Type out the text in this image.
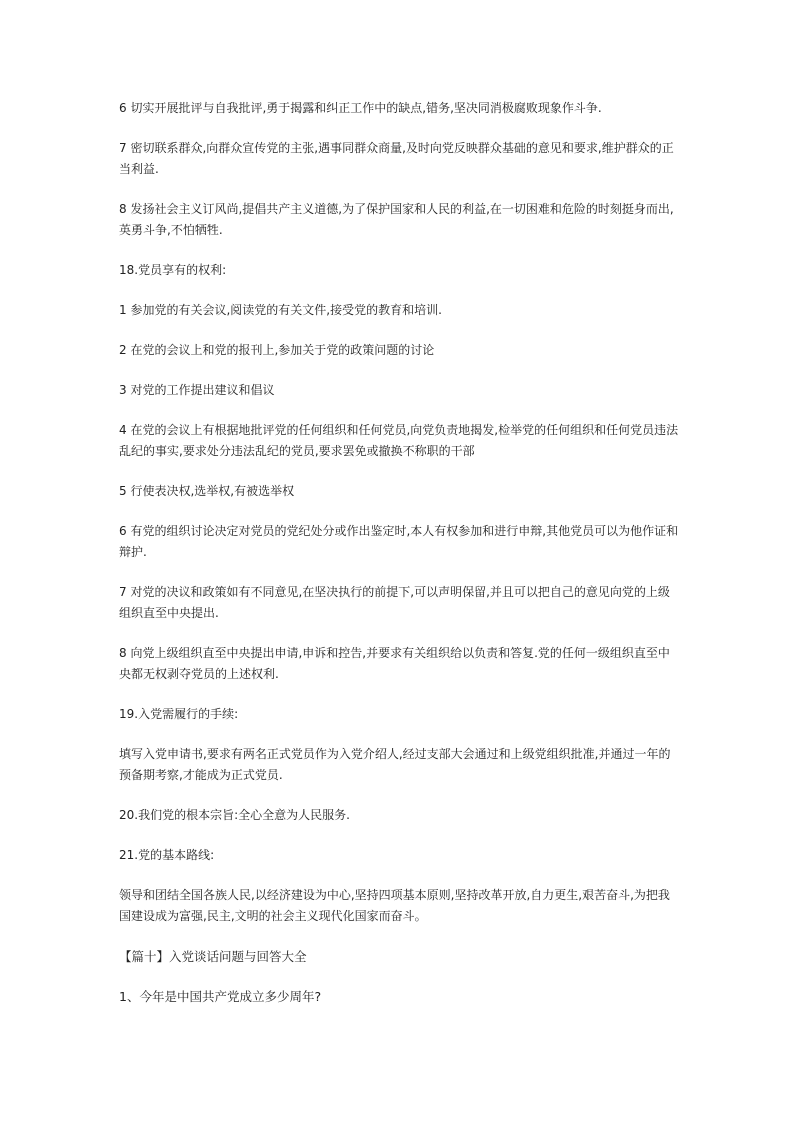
6 切实开展批评与自我批评,勇于揭露和纠正工作中的缺点,错务,坚决同消极腐败现象作斗争.

7 密切联系群众,向群众宣传党的主张,遇事同群众商量,及时向党反映群众基础的意见和要求,维护群众的正当利益.

8 发扬社会主义订风尚,提倡共产主义道德,为了保护国家和人民的利益,在一切困难和危险的时刻挺身而出,英勇斗争,不怕牺牲.

18.党员享有的权利:

1 参加党的有关会议,阅读党的有关文件,接受党的教育和培训.

2 在党的会议上和党的报刊上,参加关于党的政策问题的讨论

3 对党的工作提出建议和倡议

4 在党的会议上有根据地批评党的任何组织和任何党员,向党负责地揭发,检举党的任何组织和任何党员违法乱纪的事实,要求处分违法乱纪的党员,要求罢免或撤换不称职的干部

5 行使表决权,选举权,有被选举权

6 有党的组织讨论决定对党员的党纪处分或作出鉴定时,本人有权参加和进行申辩,其他党员可以为他作证和辩护.

7 对党的决议和政策如有不同意见,在坚决执行的前提下,可以声明保留,并且可以把自己的意见向党的上级组织直至中央提出.

8 向党上级组织直至中央提出申请,申诉和控告,并要求有关组织给以负责和答复.党的任何一级组织直至中央都无权剥夺党员的上述权利.

19.入党需履行的手续:

填写入党申请书,要求有两名正式党员作为入党介绍人,经过支部大会通过和上级党组织批准,并通过一年的预备期考察,才能成为正式党员.

20.我们党的根本宗旨:全心全意为人民服务.

21.党的基本路线:

领导和团结全国各族人民,以经济建设为中心,坚持四项基本原则,坚持改革开放,自力更生,艰苦奋斗,为把我国建设成为富强,民主,文明的社会主义现代化国家而奋斗。

【篇十】入党谈话问题与回答大全

1、今年是中国共产党成立多少周年?
